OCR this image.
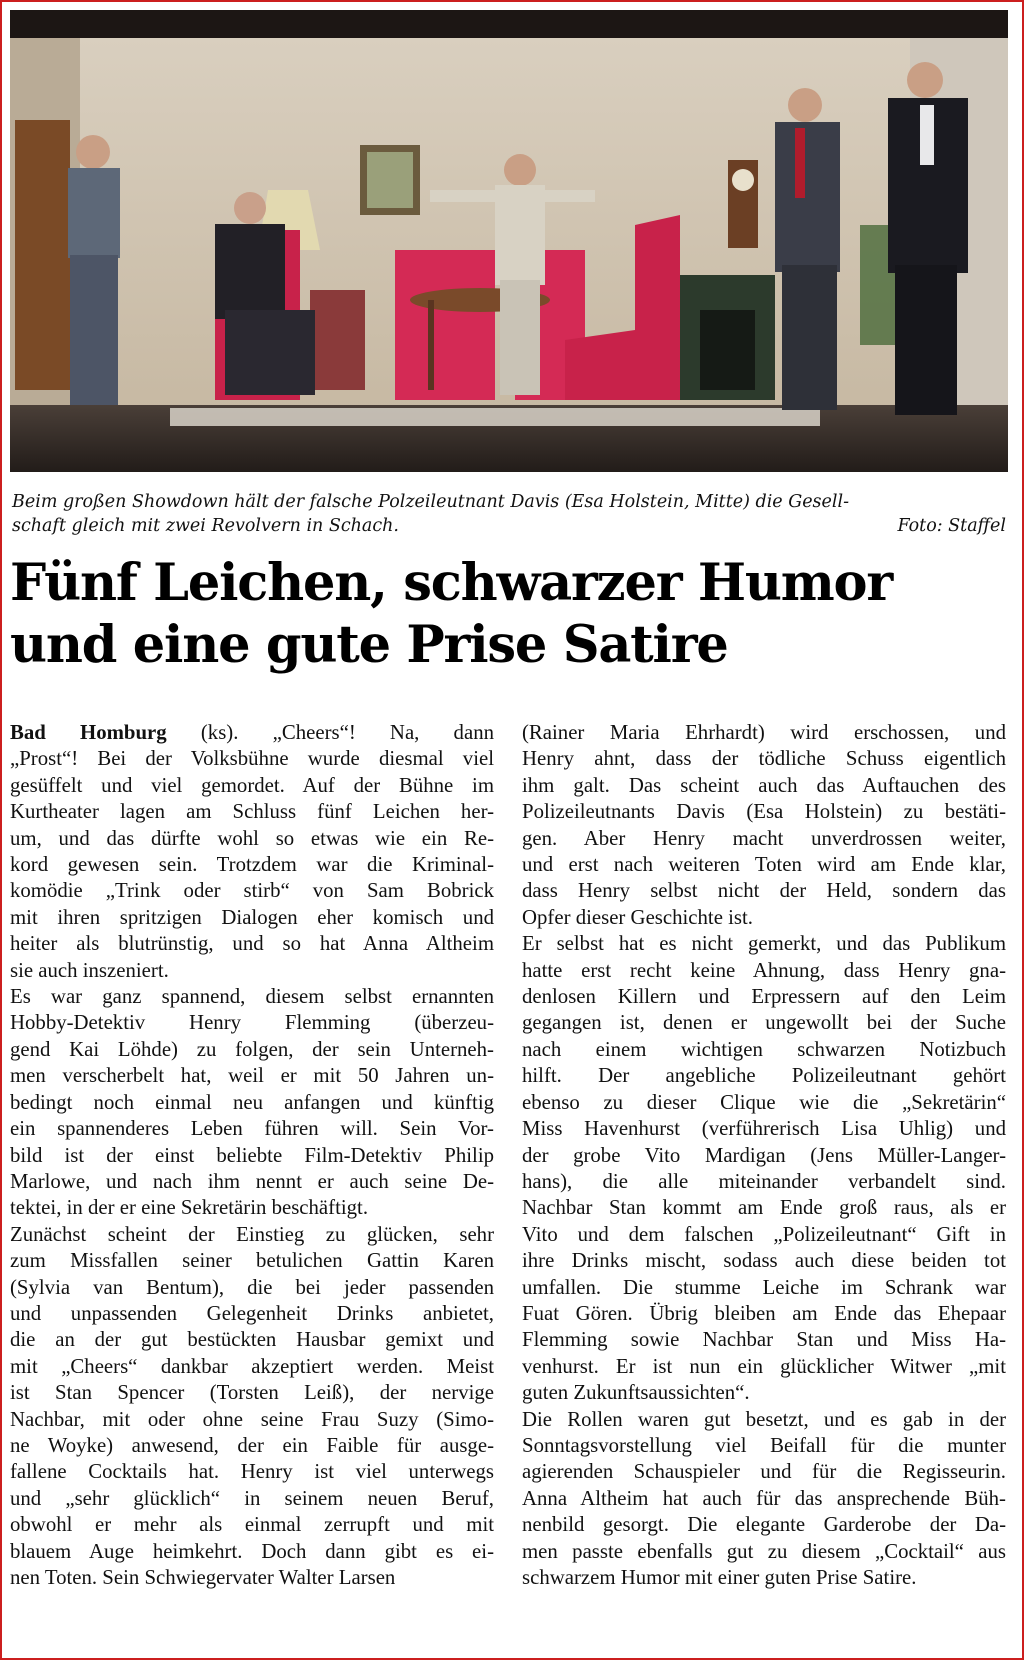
Beim großen Showdown hält der falsche Polzeileutnant Davis (Esa Holstein, Mitte) die Gesell-
schaft gleich mit zwei Revolvern in Schach.	Foto: Staffel
Fünf Leichen, schwarzer Humor
und eine gute Prise Satire

Bad Homburg (ks). „Cheers“! Na, dann

„Prost“! Bei der Volksbühne wurde diesmal viel

gesüffelt und viel gemordet. Auf der Bühne im

Kurtheater lagen am Schluss fünf Leichen her-

um, und das dürfte wohl so etwas wie ein Re-

kord gewesen sein. Trotzdem war die Kriminal-

komödie „Trink oder stirb“ von Sam Bobrick

mit ihren spritzigen Dialogen eher komisch und

heiter als blutrünstig, und so hat Anna Altheim

sie auch inszeniert.

Es war ganz spannend, diesem selbst ernannten

Hobby-Detektiv Henry Flemming (überzeu-

gend Kai Löhde) zu folgen, der sein Unterneh-

men verscherbelt hat, weil er mit 50 Jahren un-

bedingt noch einmal neu anfangen und künftig

ein spannenderes Leben führen will. Sein Vor-

bild ist der einst beliebte Film-Detektiv Philip

Marlowe, und nach ihm nennt er auch seine De-

tektei, in der er eine Sekretärin beschäftigt.

Zunächst scheint der Einstieg zu glücken, sehr

zum Missfallen seiner betulichen Gattin Karen

(Sylvia van Bentum), die bei jeder passenden

und unpassenden Gelegenheit Drinks anbietet,

die an der gut bestückten Hausbar gemixt und

mit „Cheers“ dankbar akzeptiert werden. Meist

ist Stan Spencer (Torsten Leiß), der nervige

Nachbar, mit oder ohne seine Frau Suzy (Simo-

ne Woyke) anwesend, der ein Faible für ausge-

fallene Cocktails hat. Henry ist viel unterwegs

und „sehr glücklich“ in seinem neuen Beruf,

obwohl er mehr als einmal zerrupft und mit

blauem Auge heimkehrt. Doch dann gibt es ei-

nen Toten. Sein Schwiegervater Walter Larsen

(Rainer Maria Ehrhardt) wird erschossen, und

Henry ahnt, dass der tödliche Schuss eigentlich

ihm galt. Das scheint auch das Auftauchen des

Polizeileutnants Davis (Esa Holstein) zu bestäti-

gen. Aber Henry macht unverdrossen weiter,

und erst nach weiteren Toten wird am Ende klar,

dass Henry selbst nicht der Held, sondern das

Opfer dieser Geschichte ist.

Er selbst hat es nicht gemerkt, und das Publikum

hatte erst recht keine Ahnung, dass Henry gna-

denlosen Killern und Erpressern auf den Leim

gegangen ist, denen er ungewollt bei der Suche

nach einem wichtigen schwarzen Notizbuch

hilft. Der angebliche Polizeileutnant gehört

ebenso zu dieser Clique wie die „Sekretärin“

Miss Havenhurst (verführerisch Lisa Uhlig) und

der grobe Vito Mardigan (Jens Müller-Langer-

hans), die alle miteinander verbandelt sind.

Nachbar Stan kommt am Ende groß raus, als er

Vito und dem falschen „Polizeileutnant“ Gift in

ihre Drinks mischt, sodass auch diese beiden tot

umfallen. Die stumme Leiche im Schrank war

Fuat Gören. Übrig bleiben am Ende das Ehepaar

Flemming sowie Nachbar Stan und Miss Ha-

venhurst. Er ist nun ein glücklicher Witwer „mit

guten Zukunftsaussichten“.

Die Rollen waren gut besetzt, und es gab in der

Sonntagsvorstellung viel Beifall für die munter

agierenden Schauspieler und für die Regisseurin.

Anna Altheim hat auch für das ansprechende Büh-

nenbild gesorgt. Die elegante Garderobe der Da-

men passte ebenfalls gut zu diesem „Cocktail“ aus

schwarzem Humor mit einer guten Prise Satire.
